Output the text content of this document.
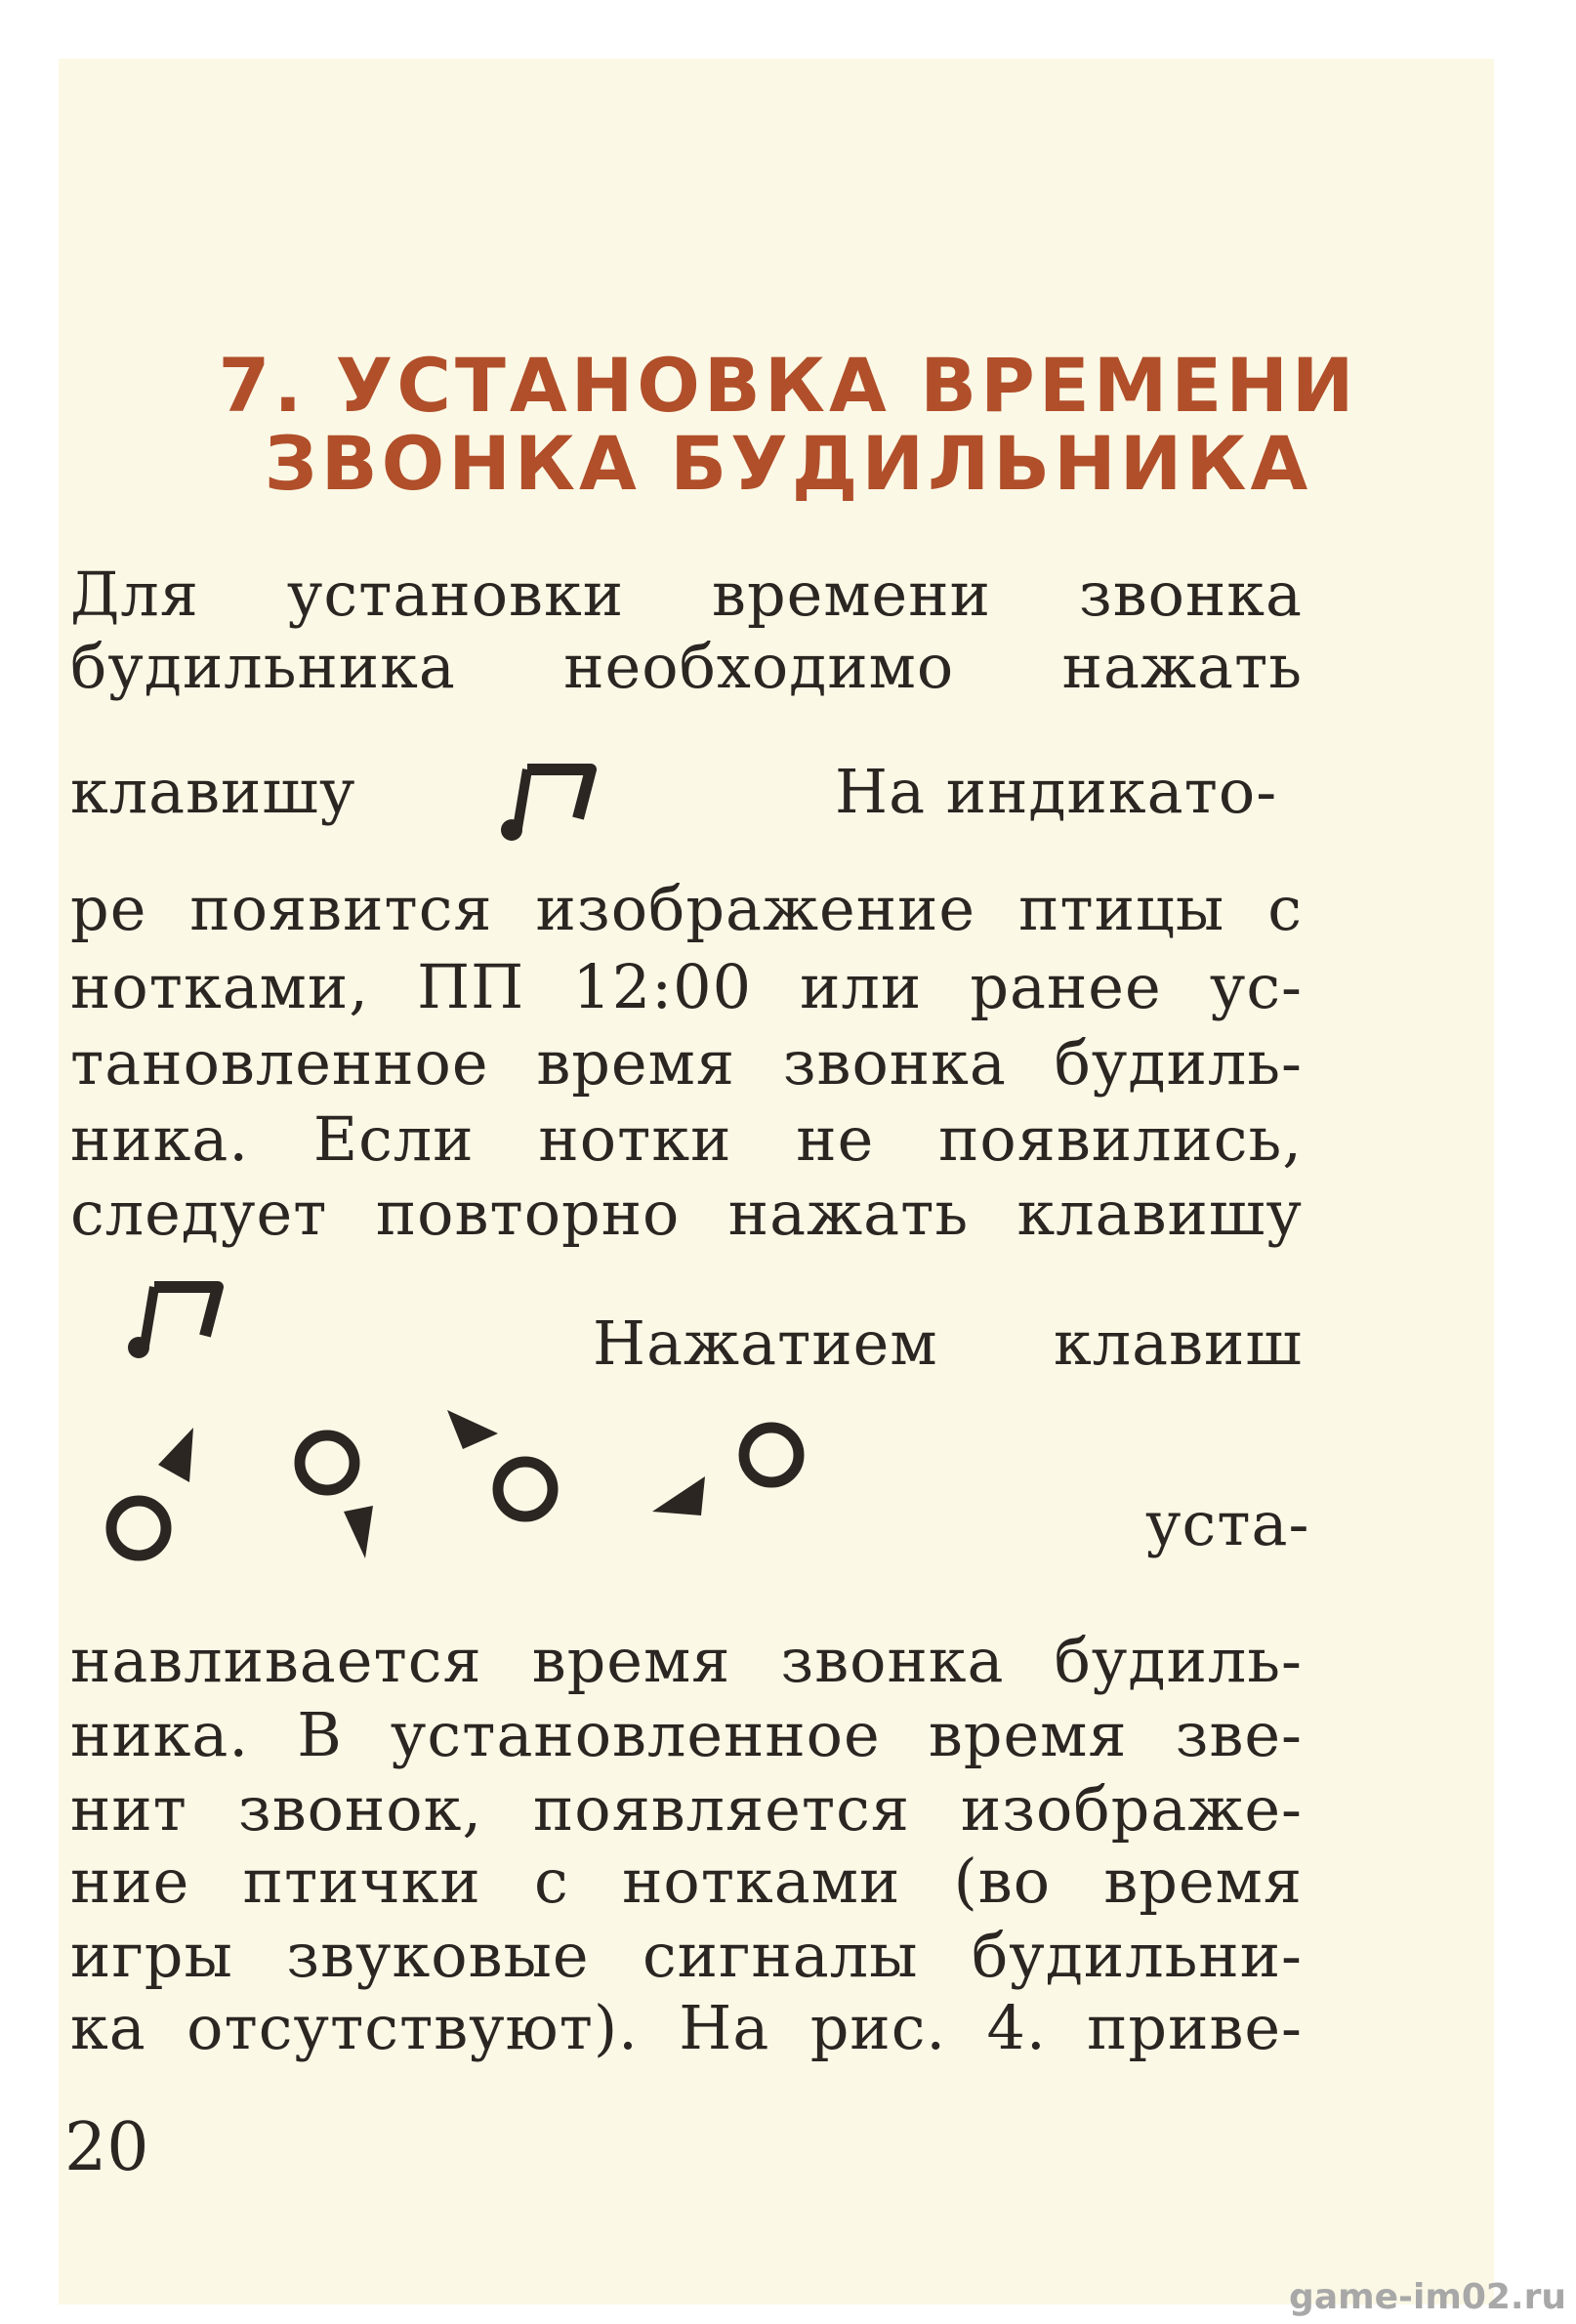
7. УСТАНОВКА ВРЕМЕНИ
ЗВОНКА БУДИЛЬНИКА
Для установки времени звонка
будильника необходимо нажать
клавишу	На индикато-
ре появится изображение птицы с
нотками, ПП 12:00 или ранее ус-
тановленное время звонка будиль-
ника. Если нотки не появились,
следует повторно нажать клавишу
Нажатием клавиш
уста-
навливается время звонка будиль-
ника. В установленное время зве-
нит звонок, появляется изображе-
ние птички с нотками (во время
игры звуковые сигналы будильни-
ка отсутствуют). На рис. 4. приве-
20
game-im02.ru
